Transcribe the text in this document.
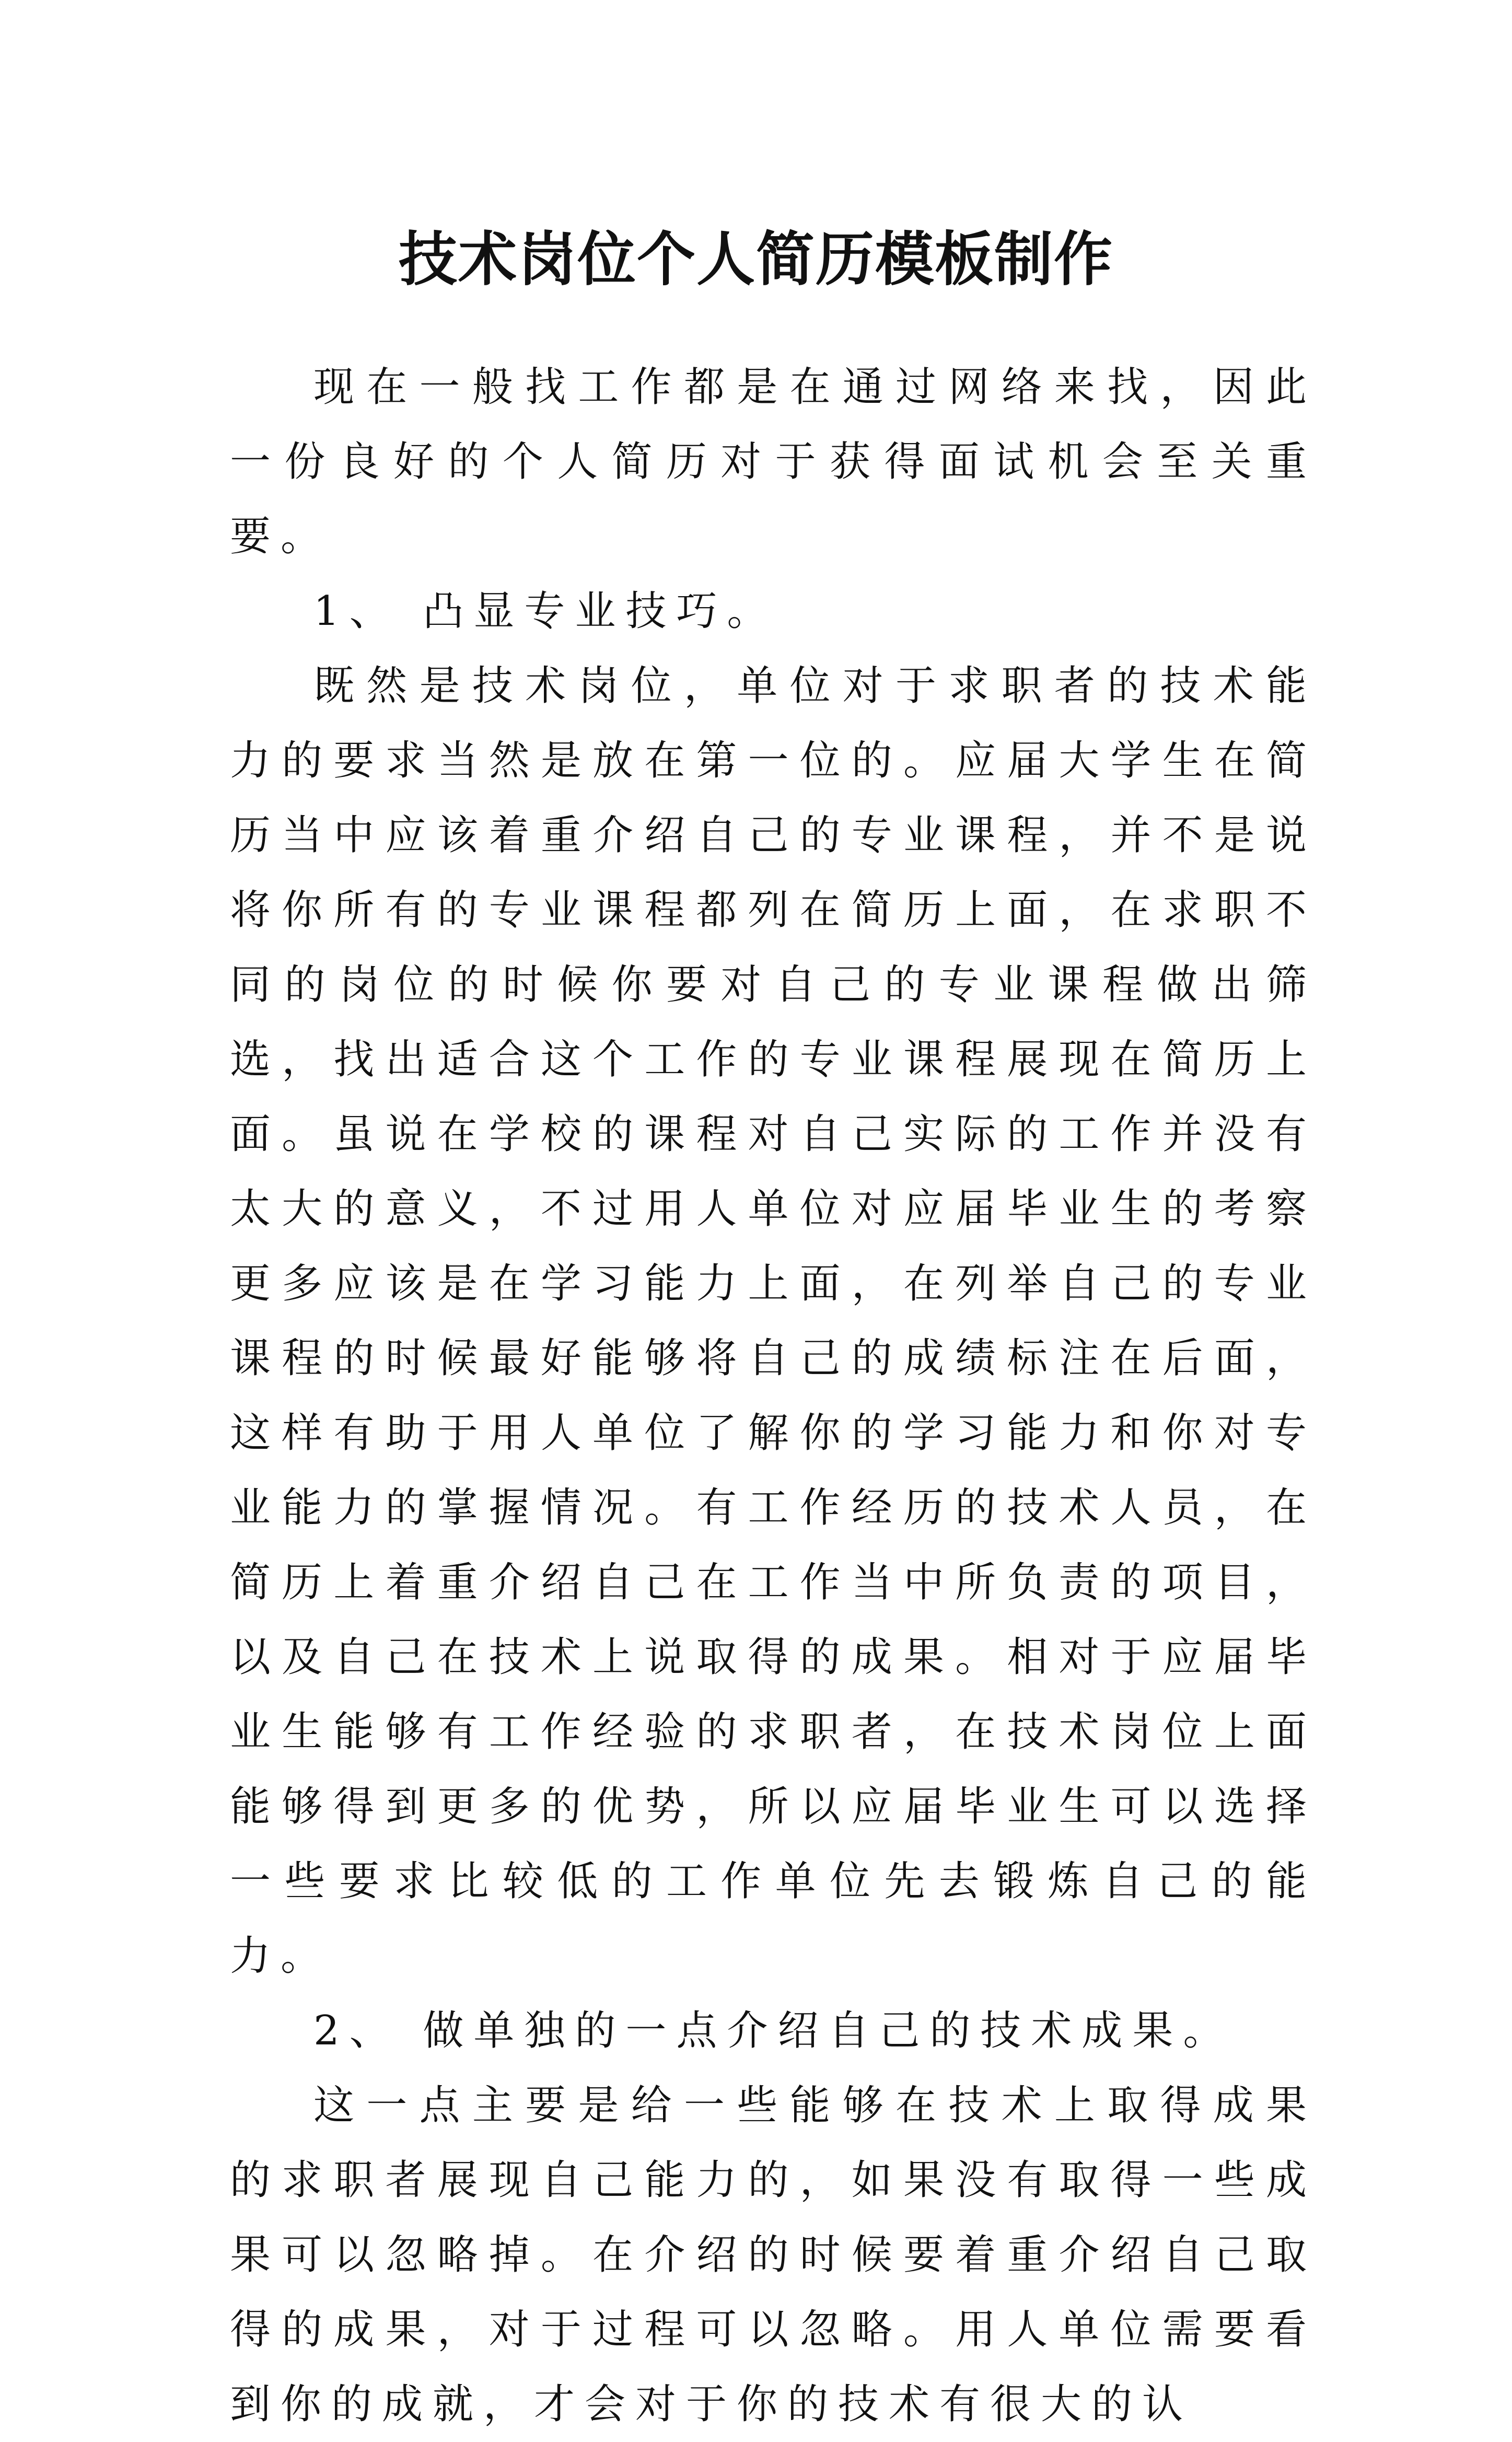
技术岗位个人简历模板制作

现在一般找工作都是在通过网络来找，因此一份良好的个人简历对于获得面试机会至关重要。

1、 凸显专业技巧。

既然是技术岗位，单位对于求职者的技术能力的要求当然是放在第一位的。应届大学生在简历当中应该着重介绍自己的专业课程，并不是说将你所有的专业课程都列在简历上面，在求职不同的岗位的时候你要对自己的专业课程做出筛选，找出适合这个工作的专业课程展现在简历上面。虽说在学校的课程对自己实际的工作并没有太大的意义，不过用人单位对应届毕业生的考察更多应该是在学习能力上面，在列举自己的专业课程的时候最好能够将自己的成绩标注在后面，这样有助于用人单位了解你的学习能力和你对专业能力的掌握情况。有工作经历的技术人员，在简历上着重介绍自己在工作当中所负责的项目，以及自己在技术上说取得的成果。相对于应届毕业生能够有工作经验的求职者，在技术岗位上面能够得到更多的优势，所以应届毕业生可以选择一些要求比较低的工作单位先去锻炼自己的能力。

2、 做单独的一点介绍自己的技术成果。

这一点主要是给一些能够在技术上取得成果的求职者展现自己能力的，如果没有取得一些成果可以忽略掉。在介绍的时候要着重介绍自己取得的成果，对于过程可以忽略。用人单位需要看到你的成就，才会对于你的技术有很大的认
